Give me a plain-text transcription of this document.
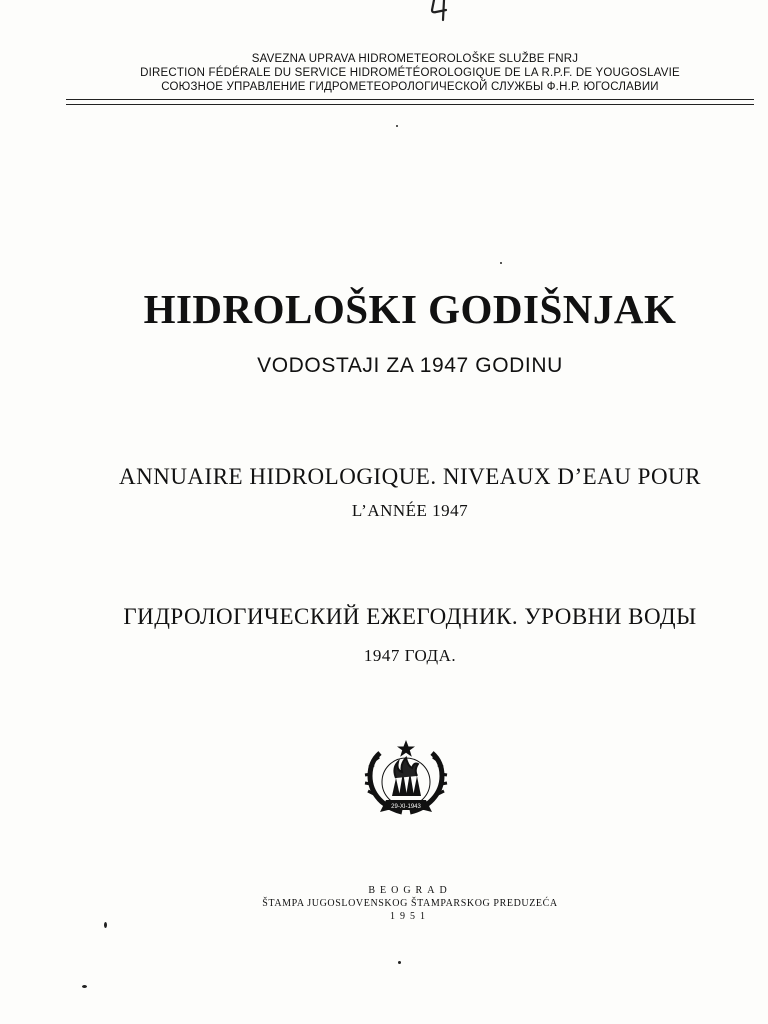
SAVEZNA UPRAVA HIDROMETEOROLOŠKE SLUŽBE FNRJ
DIRECTION FÉDÉRALE DU SERVICE HIDROMÉTÉOROLOGIQUE DE LA R.P.F. DE YOUGOSLAVIE
СОЮЗНОЕ УПРАВЛЕНИЕ ГИДРОМЕТЕОРОЛОГИЧЕСКОЙ СЛУЖБЫ Ф.Н.Р. ЮГОСЛАВИИ
HIDROLOŠKI GODIŠNJAK
VODOSTAJI ZA 1947 GODINU
ANNUAIRE HIDROLOGIQUE. NIVEAUX D’EAU POUR
L’ANNÉE 1947
ГИДРОЛОГИЧЕСКИЙ ЕЖЕГОДНИК. УРОВНИ ВОДЫ
1947 ГОДА.
29-XI-1943
BEOGRAD
ŠTAMPA JUGOSLOVENSKOG ŠTAMPARSKOG PREDUZEĆA
1951
